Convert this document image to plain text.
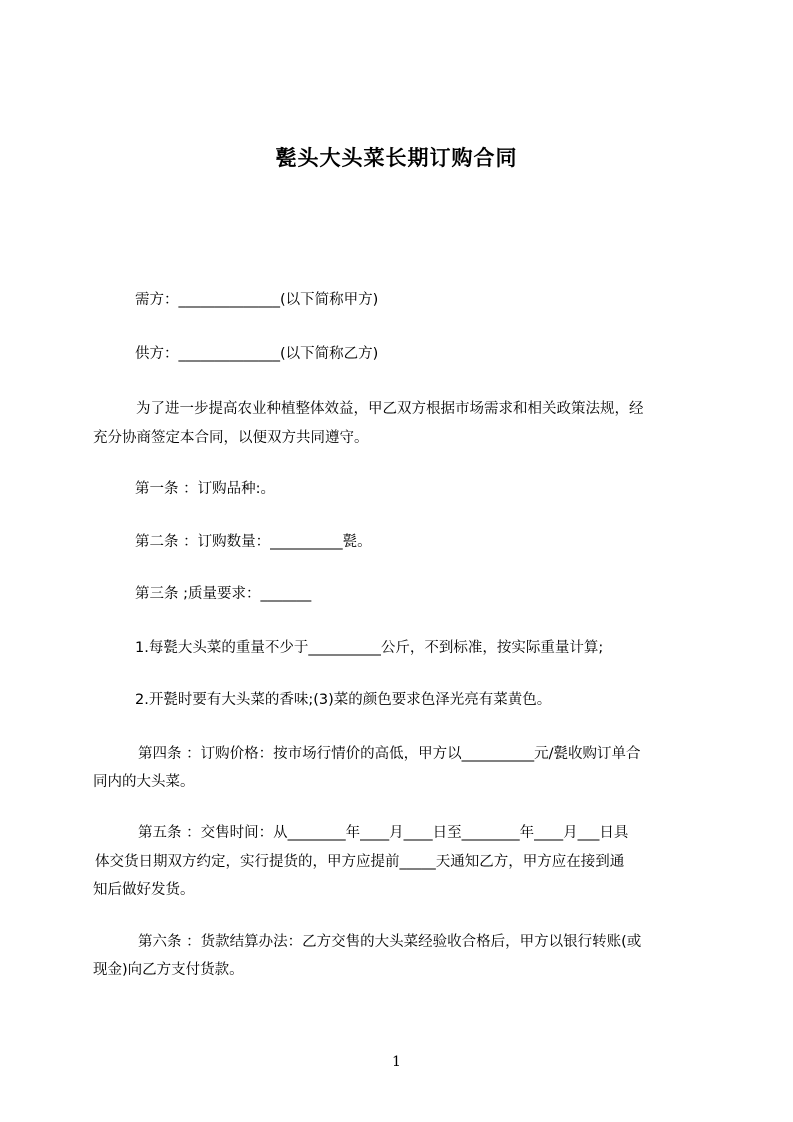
甏头大头菜长期订购合同
需方：______________(以下简称甲方)
供方：______________(以下简称乙方)
为了进一步提高农业种植整体效益，甲乙双方根据市场需求和相关政策法规，经
充分协商签定本合同，以便双方共同遵守。
第一条 ：订购品种:。
第二条 ：订购数量：__________甏。
第三条 ;质量要求：_______
1.每甏大头菜的重量不少于__________公斤，不到标准，按实际重量计算;
2.开甏时要有大头菜的香味;(3)菜的颜色要求色泽光亮有菜黄色。
第四条 ：订购价格：按市场行情价的高低，甲方以__________元/甏收购订单合
同内的大头菜。
第五条 ：交售时间：从________年____月____日至________年____月___日具
体交货日期双方约定，实行提货的，甲方应提前_____天通知乙方，甲方应在接到通
知后做好发货。
第六条 ：货款结算办法：乙方交售的大头菜经验收合格后，甲方以银行转账(或
现金)向乙方支付货款。
1
